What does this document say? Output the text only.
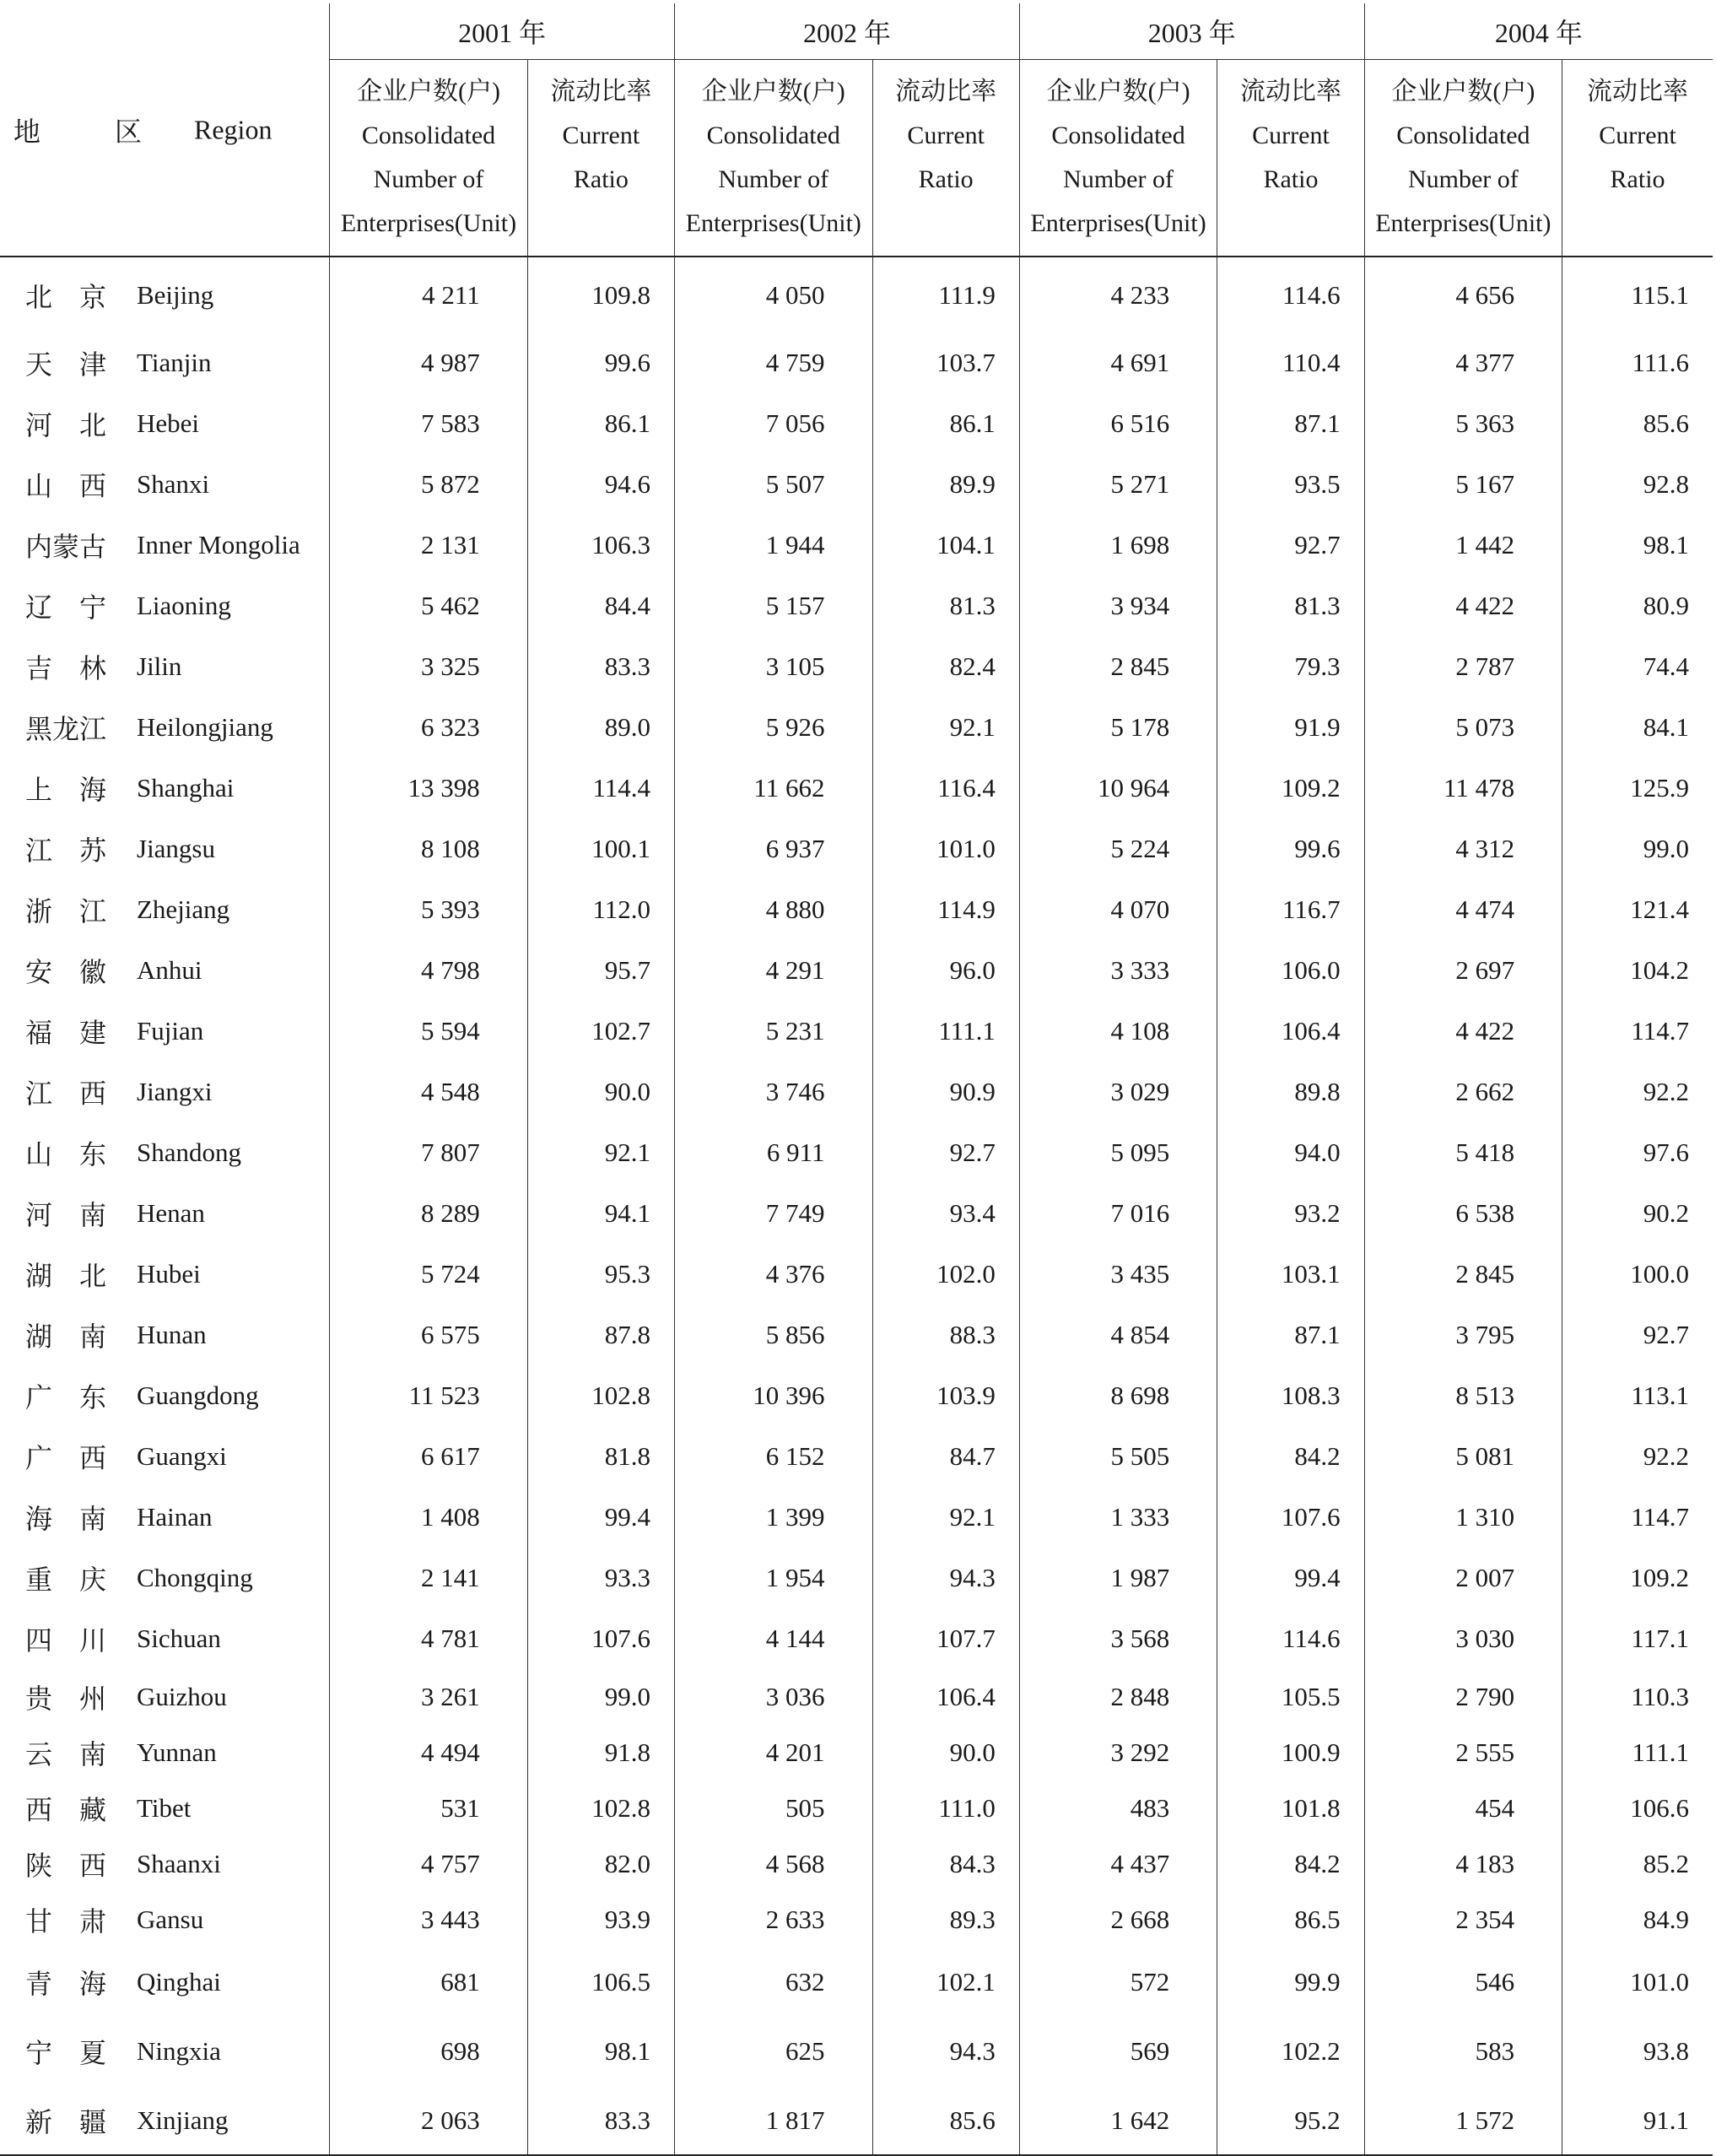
地 区 Region	2001 年		2002 年		2003 年		2004 年	

	企业户数(户)
Consolidated
Number of
Enterprises(Unit)	流动比率
Current
Ratio	企业户数(户)
Consolidated
Number of
Enterprises(Unit)	流动比率
Current
Ratio	企业户数(户)
Consolidated
Number of
Enterprises(Unit)	流动比率
Current
Ratio	企业户数(户)
Consolidated
Number of
Enterprises(Unit)	流动比率
Current
Ratio

北　京 Beijing	4 211	109.8	4 050	111.9	4 233	114.6	4 656	115.1

天　津 Tianjin	4 987	99.6	4 759	103.7	4 691	110.4	4 377	111.6

河　北 Hebei	7 583	86.1	7 056	86.1	6 516	87.1	5 363	85.6

山　西 Shanxi	5 872	94.6	5 507	89.9	5 271	93.5	5 167	92.8

内蒙古 Inner Mongolia	2 131	106.3	1 944	104.1	1 698	92.7	1 442	98.1

辽　宁 Liaoning	5 462	84.4	5 157	81.3	3 934	81.3	4 422	80.9

吉　林 Jilin	3 325	83.3	3 105	82.4	2 845	79.3	2 787	74.4

黑龙江 Heilongjiang	6 323	89.0	5 926	92.1	5 178	91.9	5 073	84.1

上　海 Shanghai	13 398	114.4	11 662	116.4	10 964	109.2	11 478	125.9

江　苏 Jiangsu	8 108	100.1	6 937	101.0	5 224	99.6	4 312	99.0

浙　江 Zhejiang	5 393	112.0	4 880	114.9	4 070	116.7	4 474	121.4

安　徽 Anhui	4 798	95.7	4 291	96.0	3 333	106.0	2 697	104.2

福　建 Fujian	5 594	102.7	5 231	111.1	4 108	106.4	4 422	114.7

江　西 Jiangxi	4 548	90.0	3 746	90.9	3 029	89.8	2 662	92.2

山　东 Shandong	7 807	92.1	6 911	92.7	5 095	94.0	5 418	97.6

河　南 Henan	8 289	94.1	7 749	93.4	7 016	93.2	6 538	90.2

湖　北 Hubei	5 724	95.3	4 376	102.0	3 435	103.1	2 845	100.0

湖　南 Hunan	6 575	87.8	5 856	88.3	4 854	87.1	3 795	92.7

广　东 Guangdong	11 523	102.8	10 396	103.9	8 698	108.3	8 513	113.1

广　西 Guangxi	6 617	81.8	6 152	84.7	5 505	84.2	5 081	92.2

海　南 Hainan	1 408	99.4	1 399	92.1	1 333	107.6	1 310	114.7

重　庆 Chongqing	2 141	93.3	1 954	94.3	1 987	99.4	2 007	109.2

四　川 Sichuan	4 781	107.6	4 144	107.7	3 568	114.6	3 030	117.1

贵　州 Guizhou	3 261	99.0	3 036	106.4	2 848	105.5	2 790	110.3

云　南 Yunnan	4 494	91.8	4 201	90.0	3 292	100.9	2 555	111.1

西　藏 Tibet	531	102.8	505	111.0	483	101.8	454	106.6

陕　西 Shaanxi	4 757	82.0	4 568	84.3	4 437	84.2	4 183	85.2

甘　肃 Gansu	3 443	93.9	2 633	89.3	2 668	86.5	2 354	84.9

青　海 Qinghai	681	106.5	632	102.1	572	99.9	546	101.0

宁　夏 Ningxia	698	98.1	625	94.3	569	102.2	583	93.8

新　疆 Xinjiang	2 063	83.3	1 817	85.6	1 642	95.2	1 572	91.1
